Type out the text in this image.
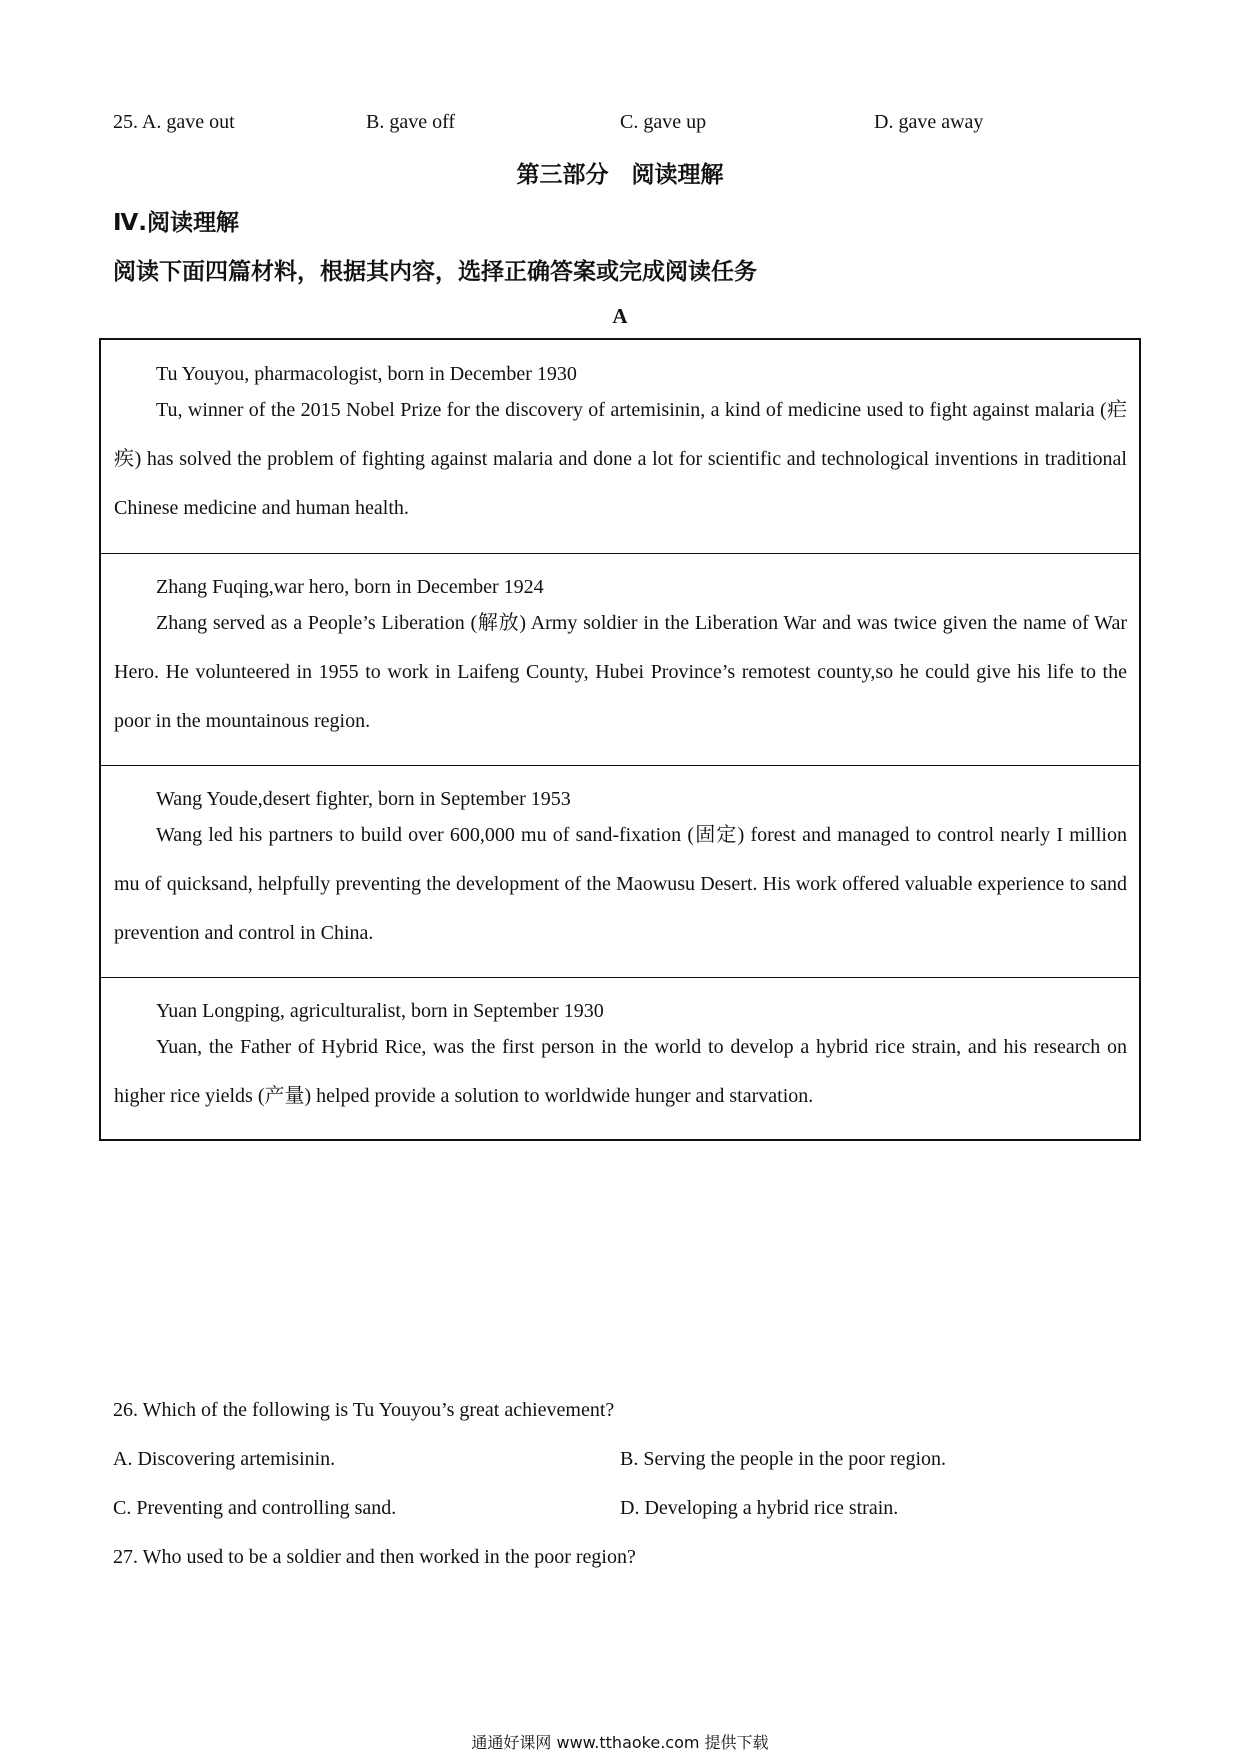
25. A. gave out	B. gave off	C. gave up	D. gave away
第三部分　阅读理解
Ⅳ.阅读理解
阅读下面四篇材料，根据其内容，选择正确答案或完成阅读任务
A
Tu Youyou, pharmacologist, born in December 1930
Tu, winner of the 2015 Nobel Prize for the discovery of artemisinin, a kind of medicine used to fight against malaria (疟疾) has solved the problem of fighting against malaria and done a lot for scientific and technological inventions in traditional Chinese medicine and human health.
Zhang Fuqing,war hero, born in December 1924
Zhang served as a People’s Liberation (解放) Army soldier in the Liberation War and was twice given the name of War Hero. He volunteered in 1955 to work in Laifeng County, Hubei Province’s remotest county,so he could give his life to the poor in the mountainous region.
Wang Youde,desert fighter, born in September 1953
Wang led his partners to build over 600,000 mu of sand-fixation (固定) forest and managed to control nearly I million mu of quicksand, helpfully preventing the development of the Maowusu Desert. His work offered valuable experience to sand prevention and control in China.
Yuan Longping, agriculturalist, born in September 1930
Yuan, the Father of Hybrid Rice, was the first person in the world to develop a hybrid rice strain, and his research on higher rice yields (产量) helped provide a solution to worldwide hunger and starvation.
26. Which of the following is Tu Youyou’s great achievement?
A. Discovering artemisinin.	B. Serving the people in the poor region.
C. Preventing and controlling sand.	D. Developing a hybrid rice strain.
27. Who used to be a soldier and then worked in the poor region?
通通好课网 www.tthaoke.com 提供下载
